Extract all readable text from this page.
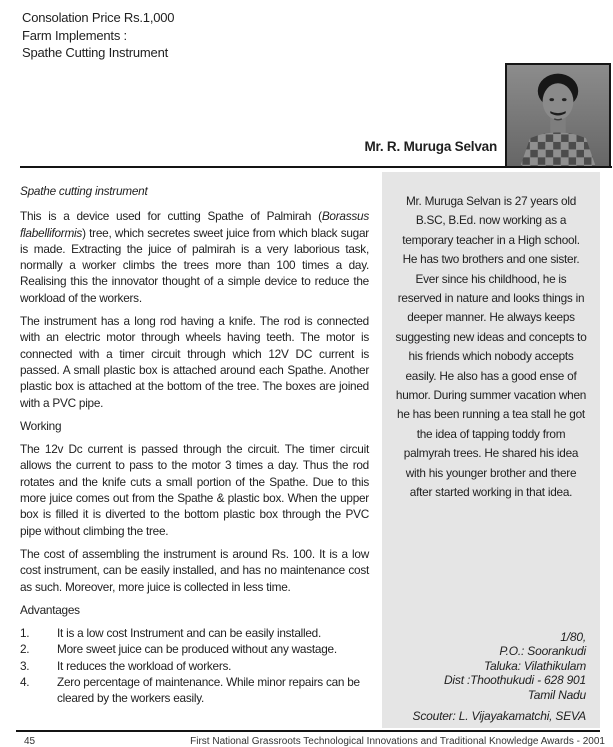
Consolation Price Rs.1,000
Farm Implements :
Spathe Cutting Instrument
Mr. R. Muruga Selvan
Spathe cutting instrument

This is a device used for cutting Spathe of Palmirah (Borassus flabelliformis) tree, which secretes sweet juice from which black sugar is made. Extracting the juice of palmirah is a very laborious task, normally a worker climbs the trees more than 100 times a day. Realising this the innovator thought of a simple device to reduce the workload of the workers.

The instrument has a long rod having a knife. The rod is connected with an electric motor through wheels having teeth. The motor is connected with a timer circuit through which 12V DC current is passed. A small plastic box is attached around each Spathe. Another plastic box is attached at the bottom of the tree. The boxes are joined with a PVC pipe.

Working

The 12v Dc current is passed through the circuit. The timer circuit allows the current to pass to the motor 3 times a day. Thus the rod rotates and the knife cuts a small portion of the Spathe. Due to this more juice comes out from the Spathe & plastic box. When the upper box is filled it is diverted to the bottom plastic box through the PVC pipe without climbing the tree.

The cost of assembling the instrument is around Rs. 100. It is a low cost instrument, can be easily installed, and has no maintenance cost as such. Moreover, more juice is collected in less time.

Advantages
1.	It is a low cost Instrument and can be easily installed.
2.	More sweet juice can be produced without any wastage.
3.	It reduces the workload of workers.
4.	Zero percentage of maintenance. While minor repairs can be cleared by the workers easily.
Mr. Muruga Selvan is 27 years old B.SC, B.Ed. now working as a temporary teacher in a High school. He has two brothers and one sister. Ever since his childhood, he is reserved in nature and looks things in deeper manner. He always keeps suggesting new ideas and concepts to his friends which nobody accepts easily. He also has a good ense of humor. During summer vacation when he has been running a tea stall he got the idea of tapping toddy from palmyrah trees. He shared his idea with his younger brother and there after started working in that idea.
1/80,
P.O.: Soorankudi
Taluka: Vilathikulam
Dist :Thoothukudi - 628 901
Tamil Nadu
Scouter: L. Vijayakamatchi, SEVA
45	First National Grassroots Technological Innovations and Traditional Knowledge Awards - 2001
